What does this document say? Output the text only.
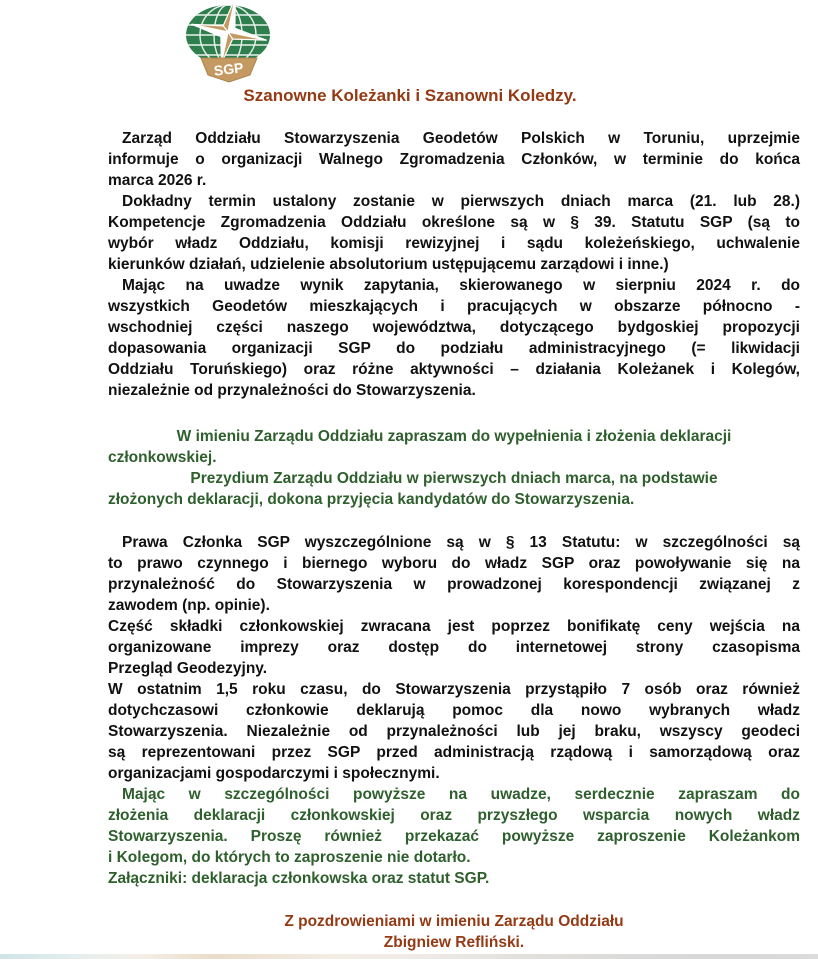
SGP
Szanowne Koleżanki i Szanowni Koledzy.
Zarząd Oddziału Stowarzyszenia Geodetów Polskich w Toruniu, uprzejmie
informuje o organizacji Walnego Zgromadzenia Członków, w terminie do końca
marca 2026 r.
Dokładny termin ustalony zostanie w pierwszych dniach marca (21. lub 28.)
Kompetencje Zgromadzenia Oddziału określone są w § 39. Statutu SGP (są to
wybór władz Oddziału, komisji rewizyjnej i sądu koleżeńskiego, uchwalenie
kierunków działań, udzielenie absolutorium ustępującemu zarządowi i inne.)
Mając na uwadze wynik zapytania, skierowanego w sierpniu 2024 r. do
wszystkich Geodetów mieszkających i pracujących w obszarze północno -
wschodniej części naszego województwa, dotyczącego bydgoskiej propozycji
dopasowania organizacji SGP do podziału administracyjnego (= likwidacji
Oddziału Toruńskiego) oraz różne aktywności – działania Koleżanek i Kolegów,
niezależnie od przynależności do Stowarzyszenia.
W imieniu Zarządu Oddziału zapraszam do wypełnienia i złożenia deklaracji
członkowskiej.
Prezydium Zarządu Oddziału w pierwszych dniach marca, na podstawie
złożonych deklaracji, dokona przyjęcia kandydatów do Stowarzyszenia.
Prawa Członka SGP wyszczególnione są w § 13 Statutu: w szczególności są
to prawo czynnego i biernego wyboru do władz SGP oraz powoływanie się na
przynależność do Stowarzyszenia w prowadzonej korespondencji związanej z
zawodem (np. opinie).
Część składki członkowskiej zwracana jest poprzez bonifikatę ceny wejścia na
organizowane imprezy oraz dostęp do internetowej strony czasopisma
Przegląd Geodezyjny.
W ostatnim 1,5 roku czasu, do Stowarzyszenia przystąpiło 7 osób oraz również
dotychczasowi członkowie deklarują pomoc dla nowo wybranych władz
Stowarzyszenia. Niezależnie od przynależności lub jej braku, wszyscy geodeci
są reprezentowani przez SGP przed administracją rządową i samorządową oraz
organizacjami gospodarczymi i społecznymi.
Mając w szczególności powyższe na uwadze, serdecznie zapraszam do
złożenia deklaracji członkowskiej oraz przyszłego wsparcia nowych władz
Stowarzyszenia. Proszę również przekazać powyższe zaproszenie Koleżankom
i Kolegom, do których to zaproszenie nie dotarło.
Załączniki: deklaracja członkowska oraz statut SGP.
Z pozdrowieniami w imieniu Zarządu Oddziału
Zbigniew Refliński.
